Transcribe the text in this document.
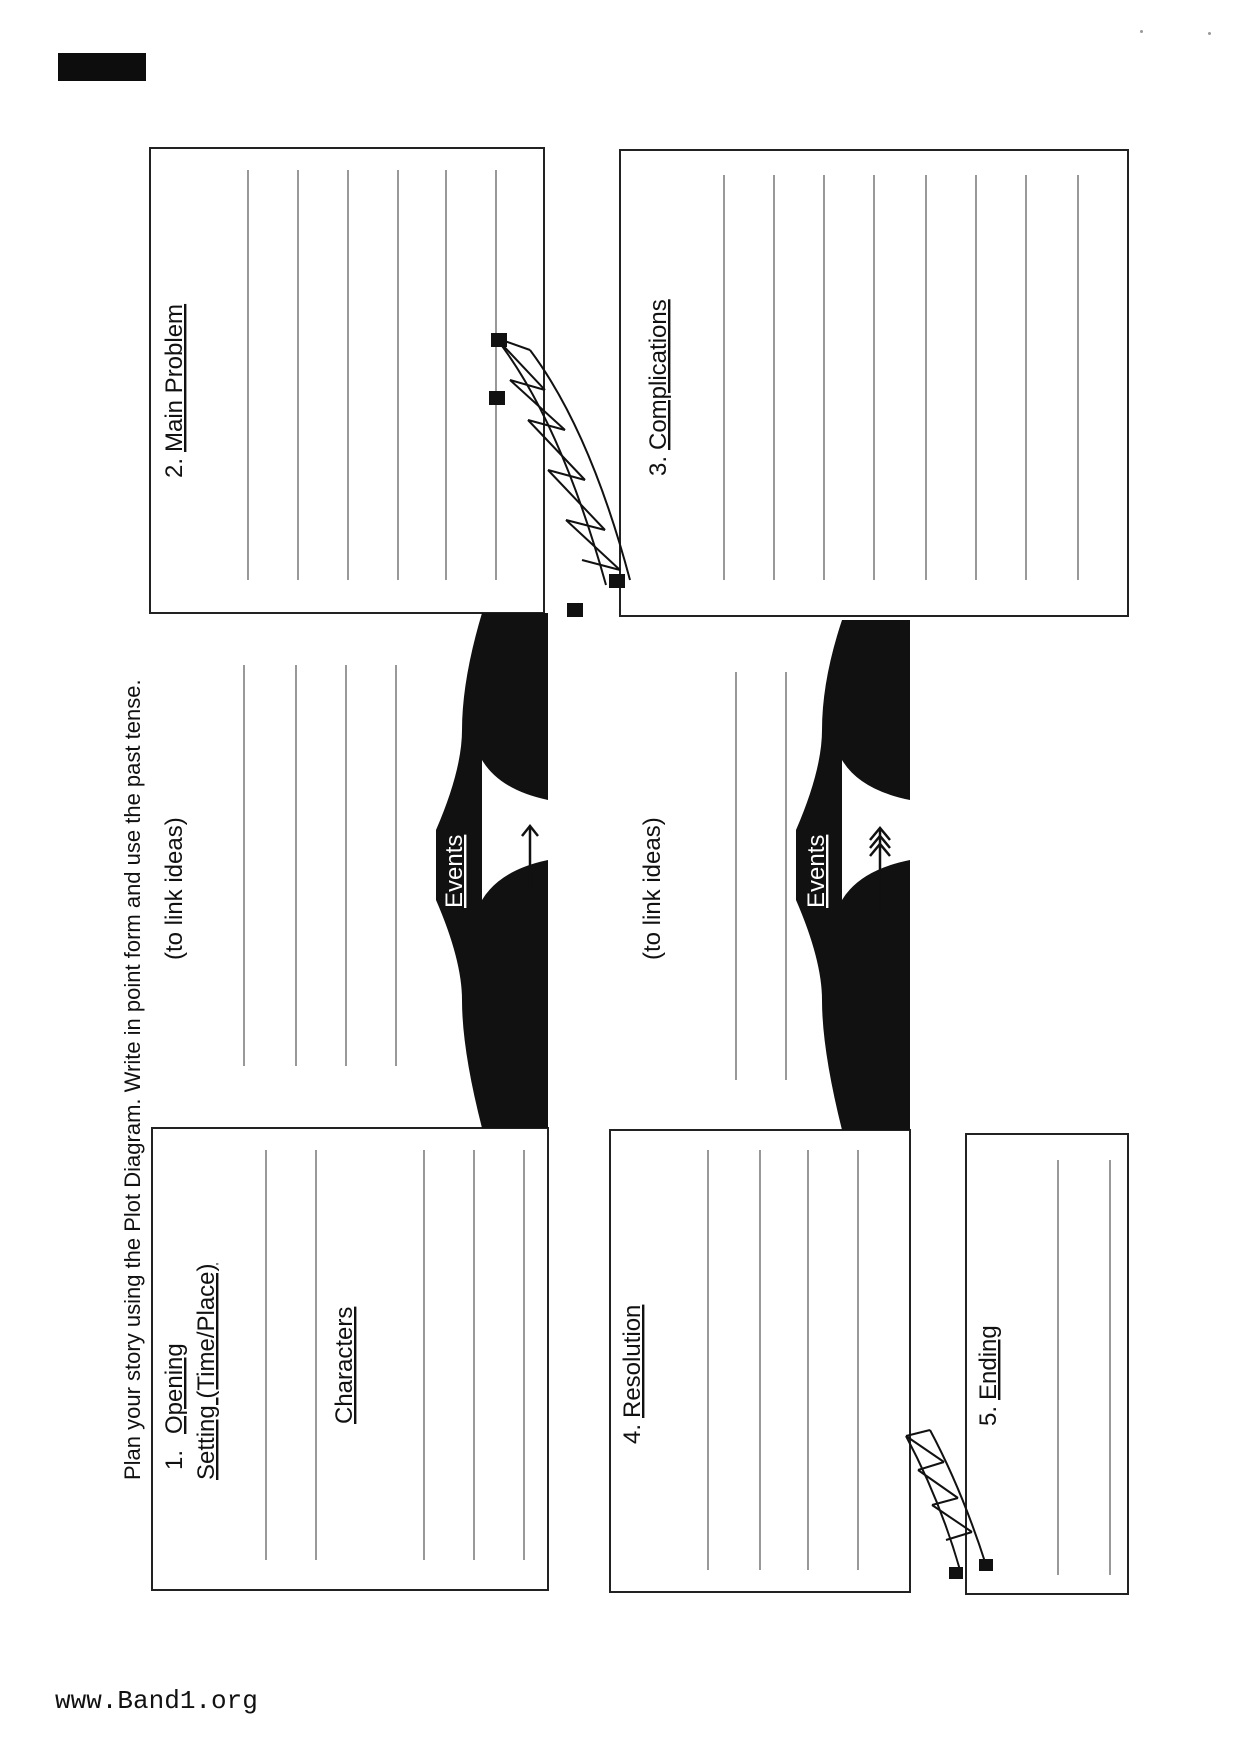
Plan your story using the Plot Diagram. Write in point form and use the past tense. 1.
Opening Setting (Time/Place)	Characters
2.
Main Problem
(to link ideas)	Events
3.
Complications
(to link ideas)	Events
4.
Resolution	5.
Ending
www.Band1.org
